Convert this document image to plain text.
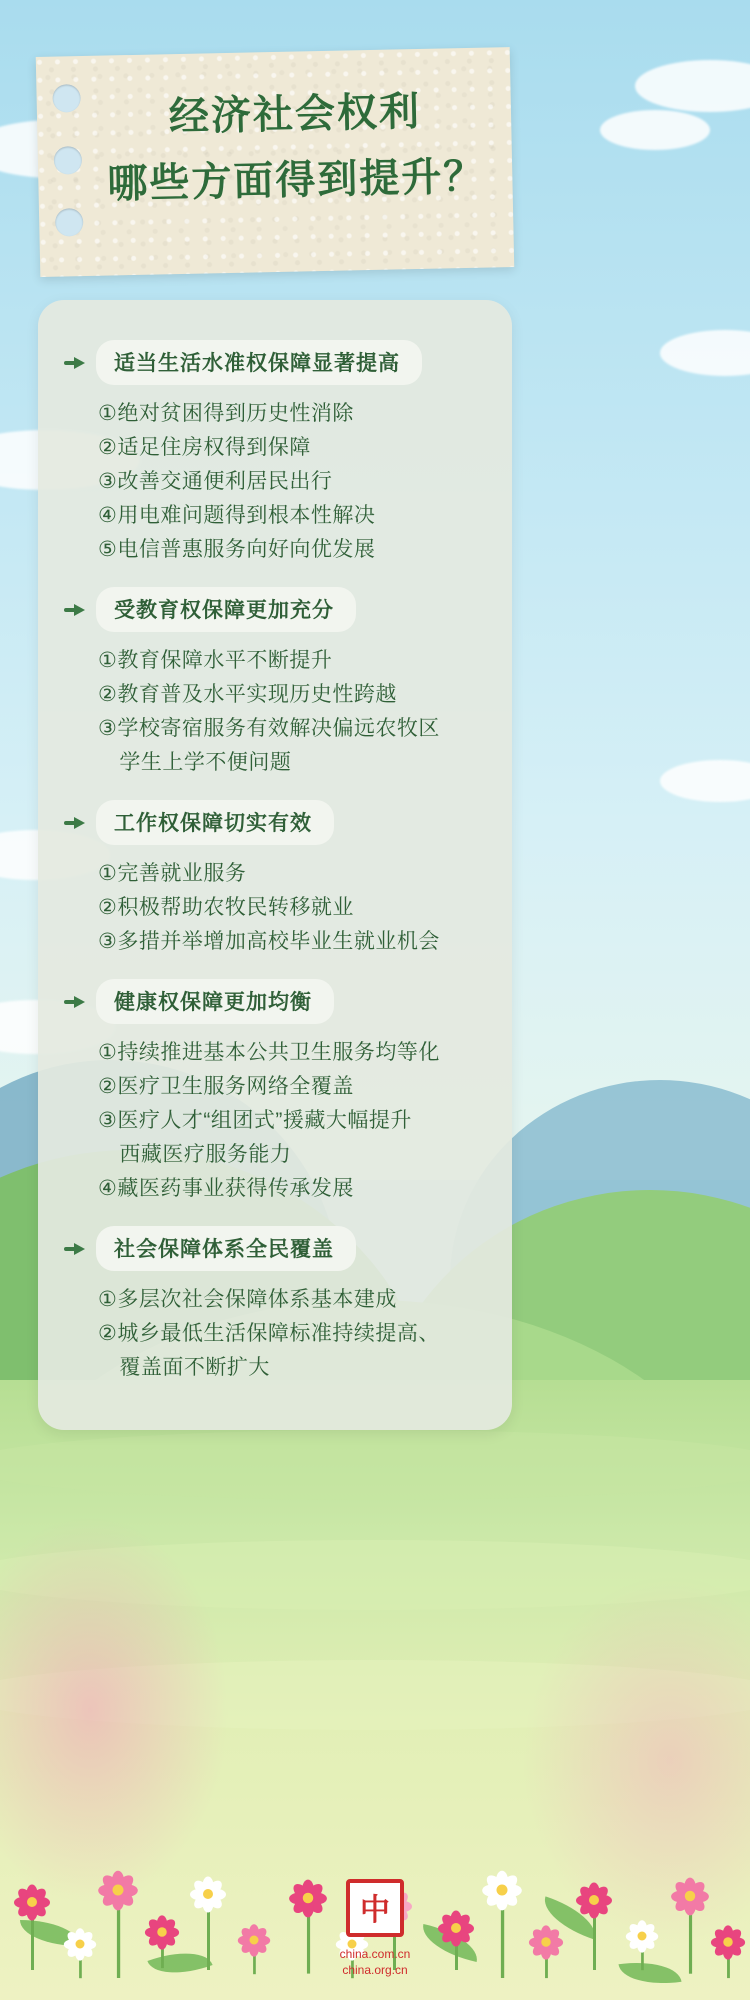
经济社会权利
哪些方面得到提升？
适当生活水准权保障显著提高
① 绝对贫困得到历史性消除
② 适足住房权得到保障
③ 改善交通便利居民出行
④ 用电难问题得到根本性解决
⑤ 电信普惠服务向好向优发展
受教育权保障更加充分
① 教育保障水平不断提升
② 教育普及水平实现历史性跨越
③ 学校寄宿服务有效解决偏远农牧区
学生上学不便问题
工作权保障切实有效
① 完善就业服务
② 积极帮助农牧民转移就业
③ 多措并举增加高校毕业生就业机会
健康权保障更加均衡
① 持续推进基本公共卫生服务均等化
② 医疗卫生服务网络全覆盖
③ 医疗人才“组团式”援藏大幅提升
西藏医疗服务能力
④ 藏医药事业获得传承发展
社会保障体系全民覆盖
① 多层次社会保障体系基本建成
② 城乡最低生活保障标准持续提高、
覆盖面不断扩大
中
china.com.cn
china.org.cn
